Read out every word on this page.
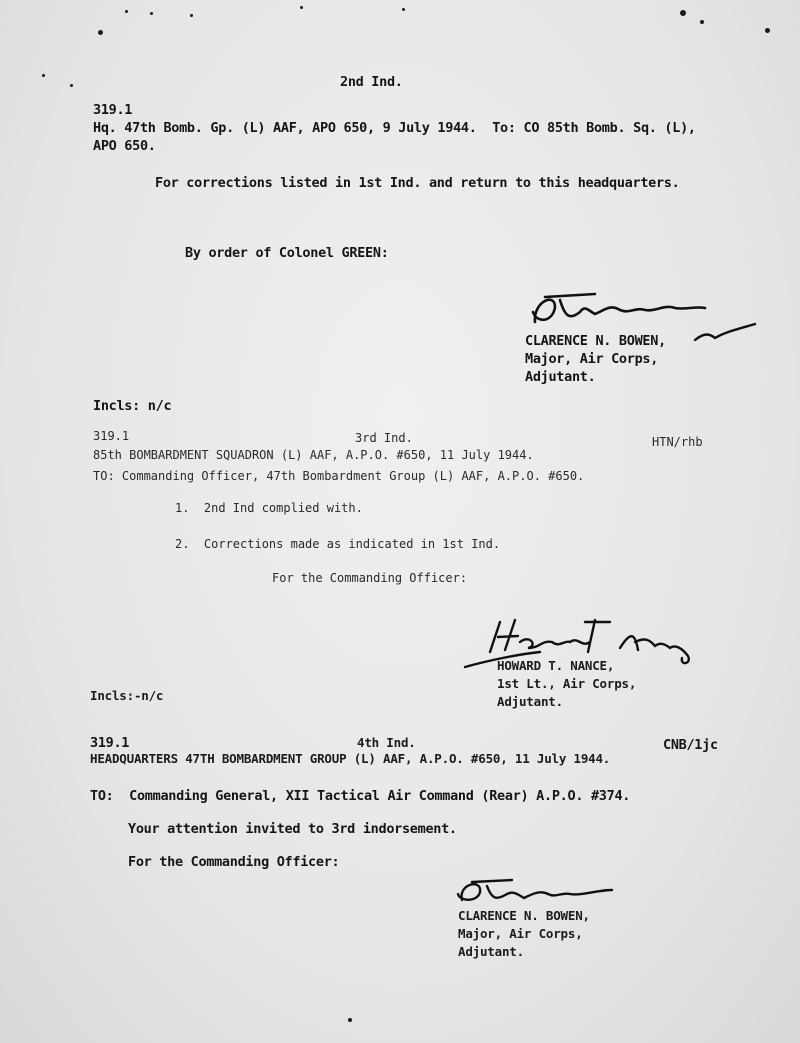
2nd Ind.
319.1
Hq. 47th Bomb. Gp. (L) AAF, APO 650, 9 July 1944.  To: CO 85th Bomb. Sq. (L),
APO 650.
For corrections listed in 1st Ind. and return to this headquarters.
By order of Colonel GREEN:
CLARENCE N. BOWEN,
Major, Air Corps,
Adjutant.
Incls: n/c
319.1	3rd Ind.	HTN/rhb
85th BOMBARDMENT SQUADRON (L) AAF, A.P.O. #650, 11 July 1944.
TO: Commanding Officer, 47th Bombardment Group (L) AAF, A.P.O. #650.
1.  2nd Ind complied with.
2.  Corrections made as indicated in 1st Ind.
For the Commanding Officer:
HOWARD T. NANCE,
1st Lt., Air Corps,
Adjutant.
Incls:-n/c
319.1	4th Ind.	CNB/1jc
HEADQUARTERS 47TH BOMBARDMENT GROUP (L) AAF, A.P.O. #650, 11 July 1944.
TO:  Commanding General, XII Tactical Air Command (Rear) A.P.O. #374.
Your attention invited to 3rd indorsement.
For the Commanding Officer:
CLARENCE N. BOWEN,
Major, Air Corps,
Adjutant.
